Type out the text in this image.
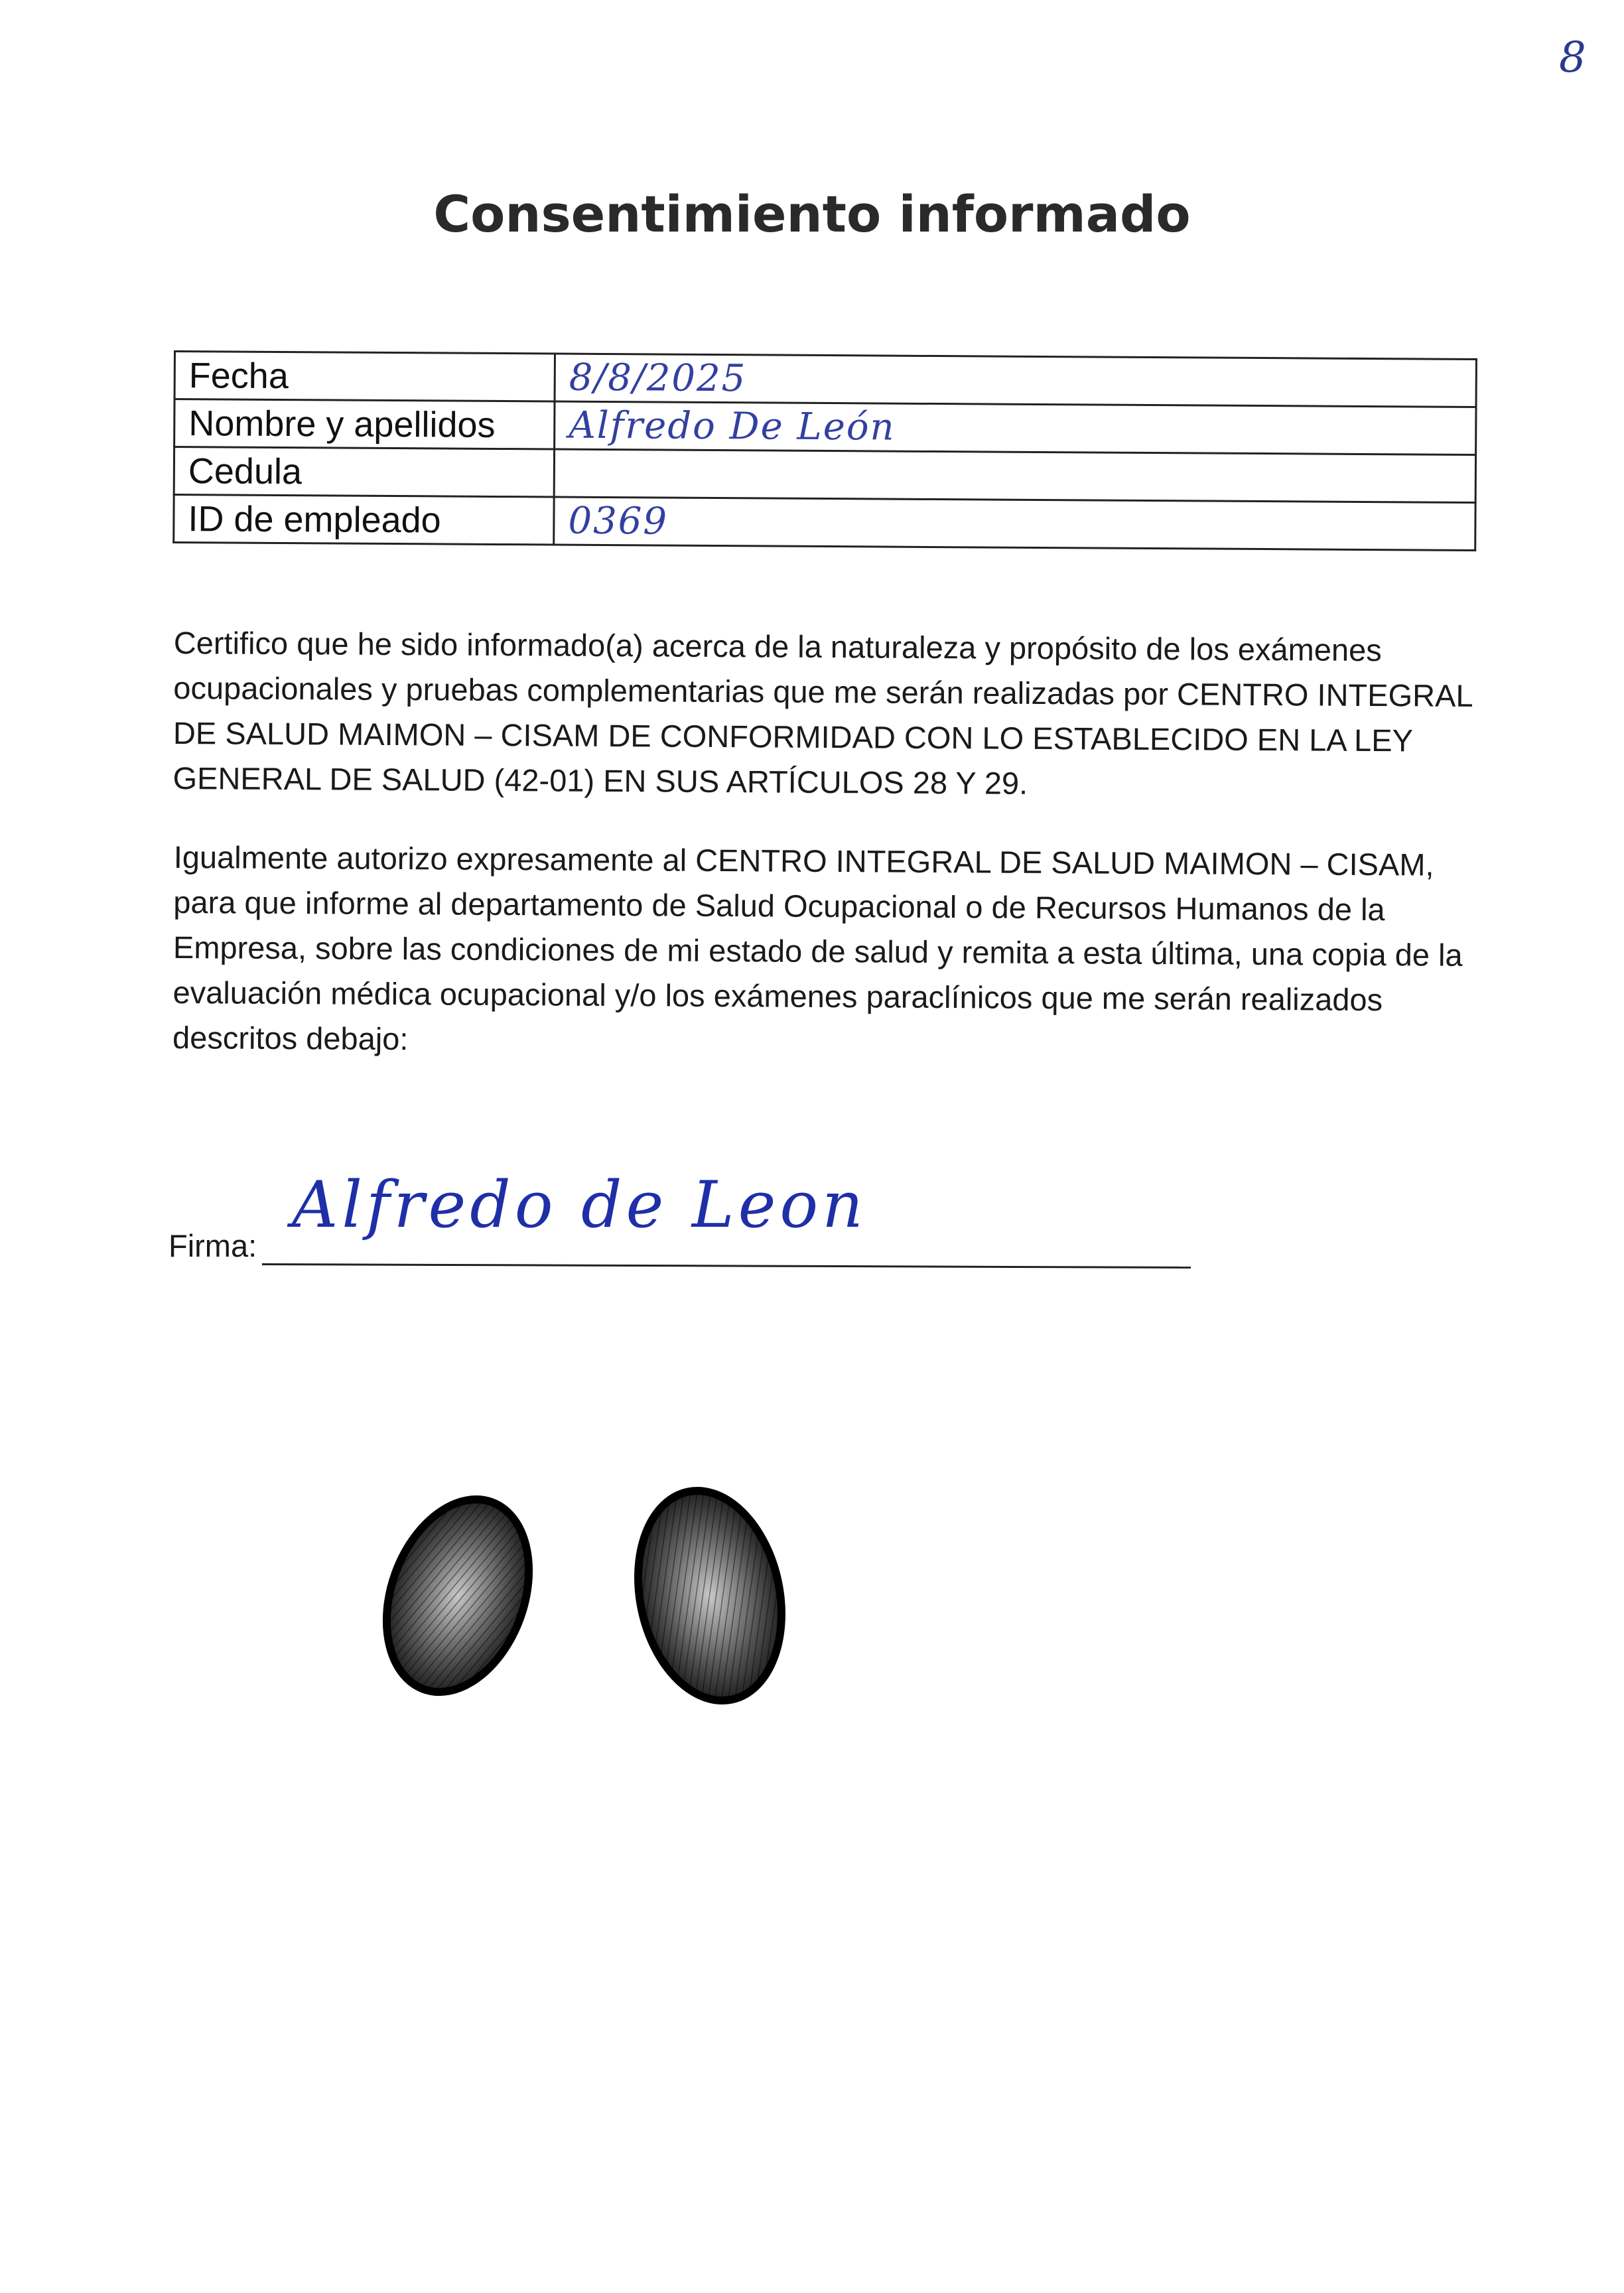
8
Consentimiento informado
Fecha	8/8/2025
Nombre y apellidos	Alfredo De León
Cedula	
ID de empleado	0369

Certifico que he sido informado(a) acerca de la naturaleza y propósito de los exámenes ocupacionales y pruebas complementarias que me serán realizadas por CENTRO INTEGRAL DE SALUD MAIMON – CISAM DE CONFORMIDAD CON LO ESTABLECIDO EN LA LEY GENERAL DE SALUD (42-01) EN SUS ARTÍCULOS 28 Y 29.

Igualmente autorizo expresamente al CENTRO INTEGRAL DE SALUD MAIMON – CISAM, para que informe al departamento de Salud Ocupacional o de Recursos Humanos de la Empresa, sobre las condiciones de mi estado de salud y remita a esta última, una copia de la evaluación médica ocupacional y/o los exámenes paraclínicos que me serán realizados descritos debajo:

Firma:
Alfredo de Leon
